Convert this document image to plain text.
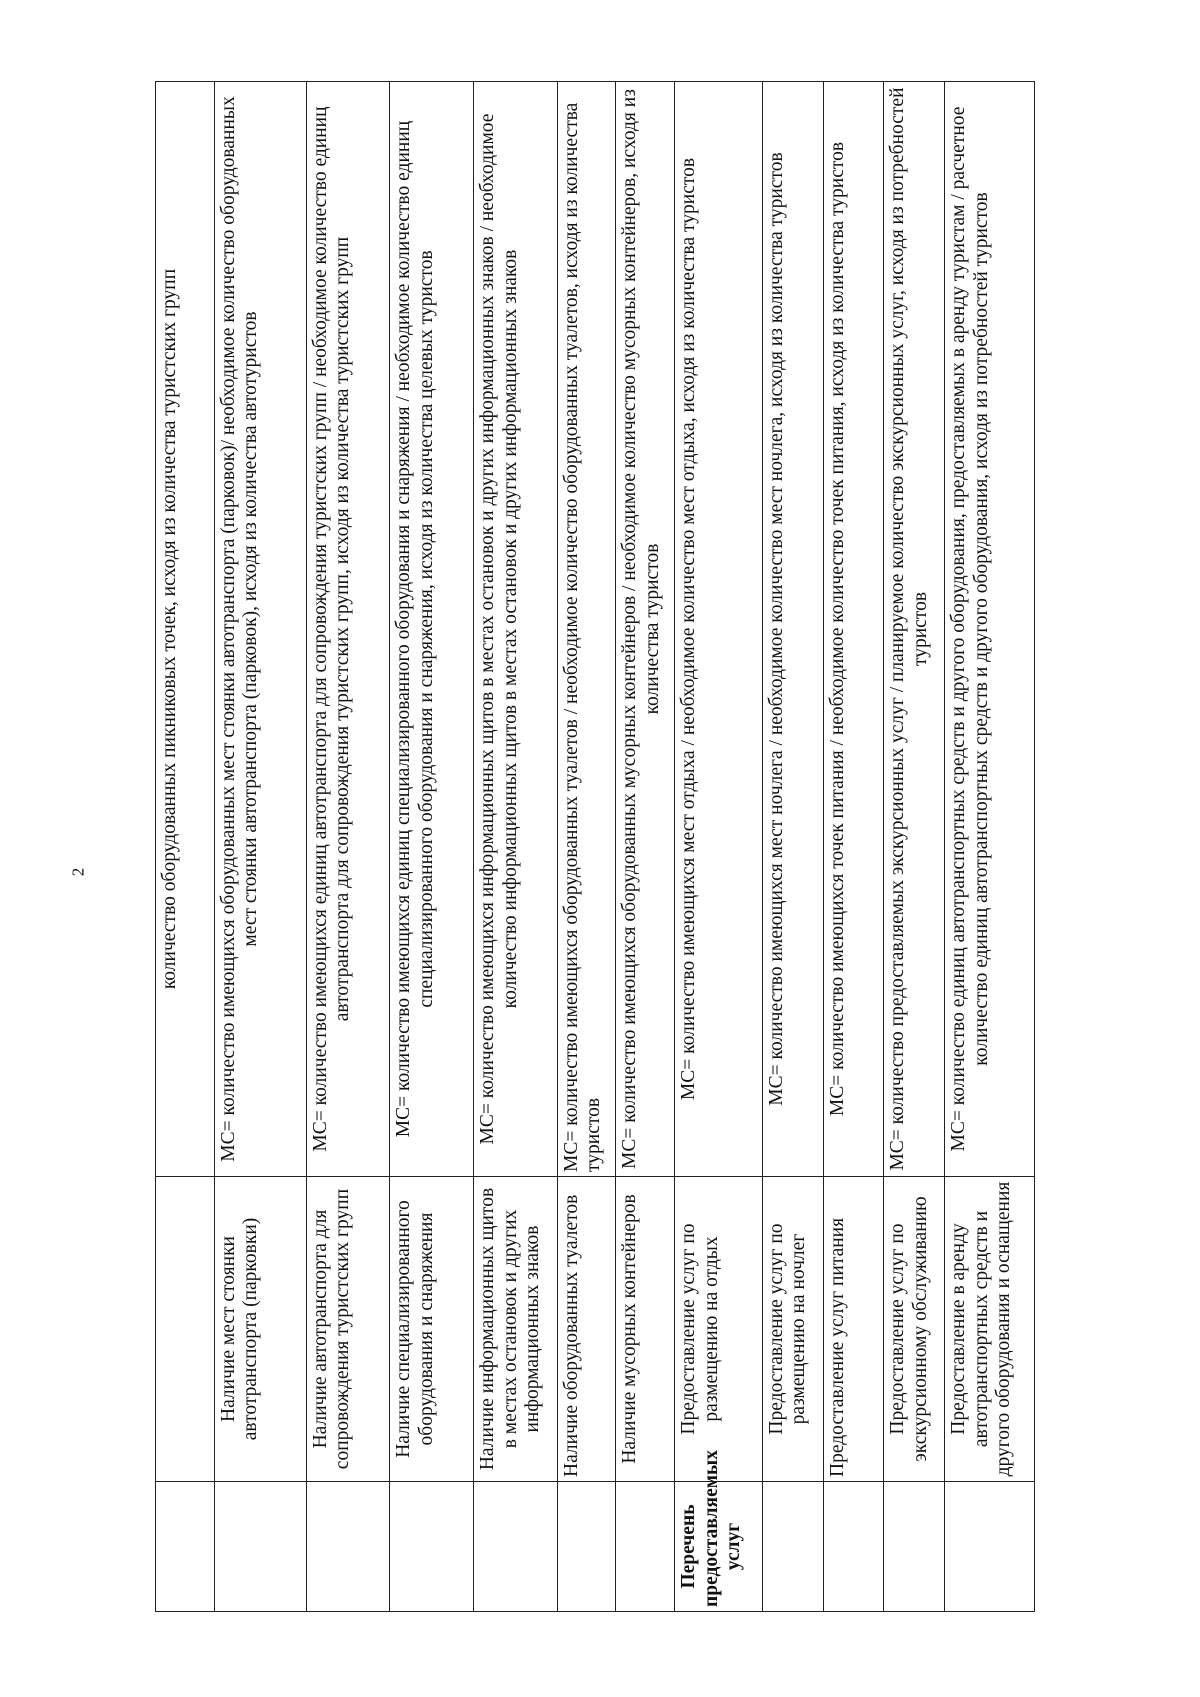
2
			количество оборудованных пикниковых точек, исходя из количества туристских групп
	Наличие мест стоянки автотранспорта (парковки)	МС= количество имеющихся оборудованных мест стоянки автотранспорта (парковок)/ необходимое количество оборудованных мест стоянки автотранспорта (парковок), исходя из количества автотуристов
	Наличие автотранспорта для сопровождения туристских групп	МС= количество имеющихся единиц автотранспорта для сопровождения туристских групп / необходимое количество единиц автотранспорта для сопровождения туристских групп, исходя из количества туристских групп
	Наличие специализированного оборудования и снаряжения	МС= количество имеющихся единиц специализированного оборудования и снаряжения / необходимое количество единиц специализированного оборудования и снаряжения, исходя из количества целевых туристов
	Наличие информационных щитов в местах остановок и других информационных знаков	МС= количество имеющихся информационных щитов в местах остановок и других информационных знаков / необходимое количество информационных щитов в местах остановок и других информационных знаков
	Наличие оборудованных туалетов	МС= количество имеющихся оборудованных туалетов / необходимое количество оборудованных туалетов, исходя из количества туристов
	Наличие мусорных контейнеров	МС= количество имеющихся оборудованных мусорных контейнеров / необходимое количество мусорных контейнеров, исходя из количества туристов
Перечень предоставляемых услуг	Предоставление услуг по размещению на отдых	МС= количество имеющихся мест отдыха / необходимое количество мест отдыха, исходя из количества туристов
	Предоставление услуг по размещению на ночлег	МС= количество имеющихся мест ночлега / необходимое количество мест ночлега, исходя из количества туристов
	Предоставление услуг питания	МС= количество имеющихся точек питания / необходимое количество точек питания, исходя из количества туристов
	Предоставление услуг по экскурсионному обслуживанию	МС= количество предоставляемых экскурсионных услуг / планируемое количество экскурсионных услуг, исходя из потребностей туристов
	Предоставление в аренду автотранспортных средств и другого оборудования и оснащения	МС= количество единиц автотранспортных средств и другого оборудования, предоставляемых в аренду туристам / расчетное количество единиц автотранспортных средств и другого оборудования, исходя из потребностей туристов
